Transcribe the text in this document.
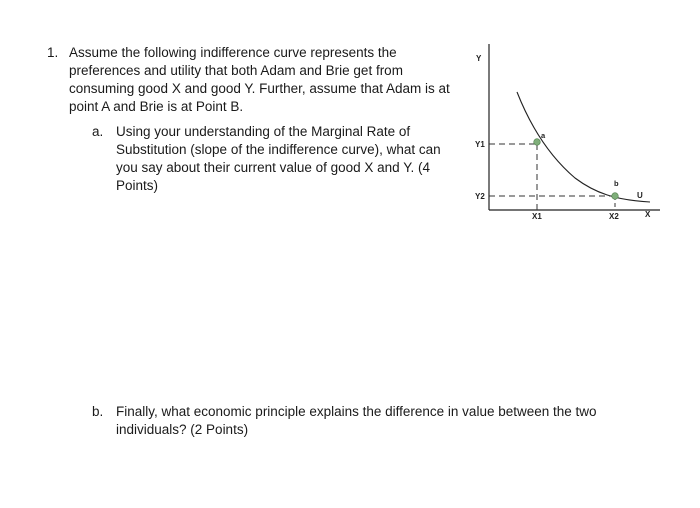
1. Assume the following indifference curve represents the preferences and utility that both Adam and Brie get from consuming good X and good Y. Further, assume that Adam is at point A and Brie is at Point B.
a. Using your understanding of the Marginal Rate of Substitution (slope of the indifference curve), what can you say about their current value of good X and Y. (4 Points)
b. Finally, what economic principle explains the difference in value between the two individuals? (2 Points)
Y
X
Y1
Y2
X1	X2
a
b
U
